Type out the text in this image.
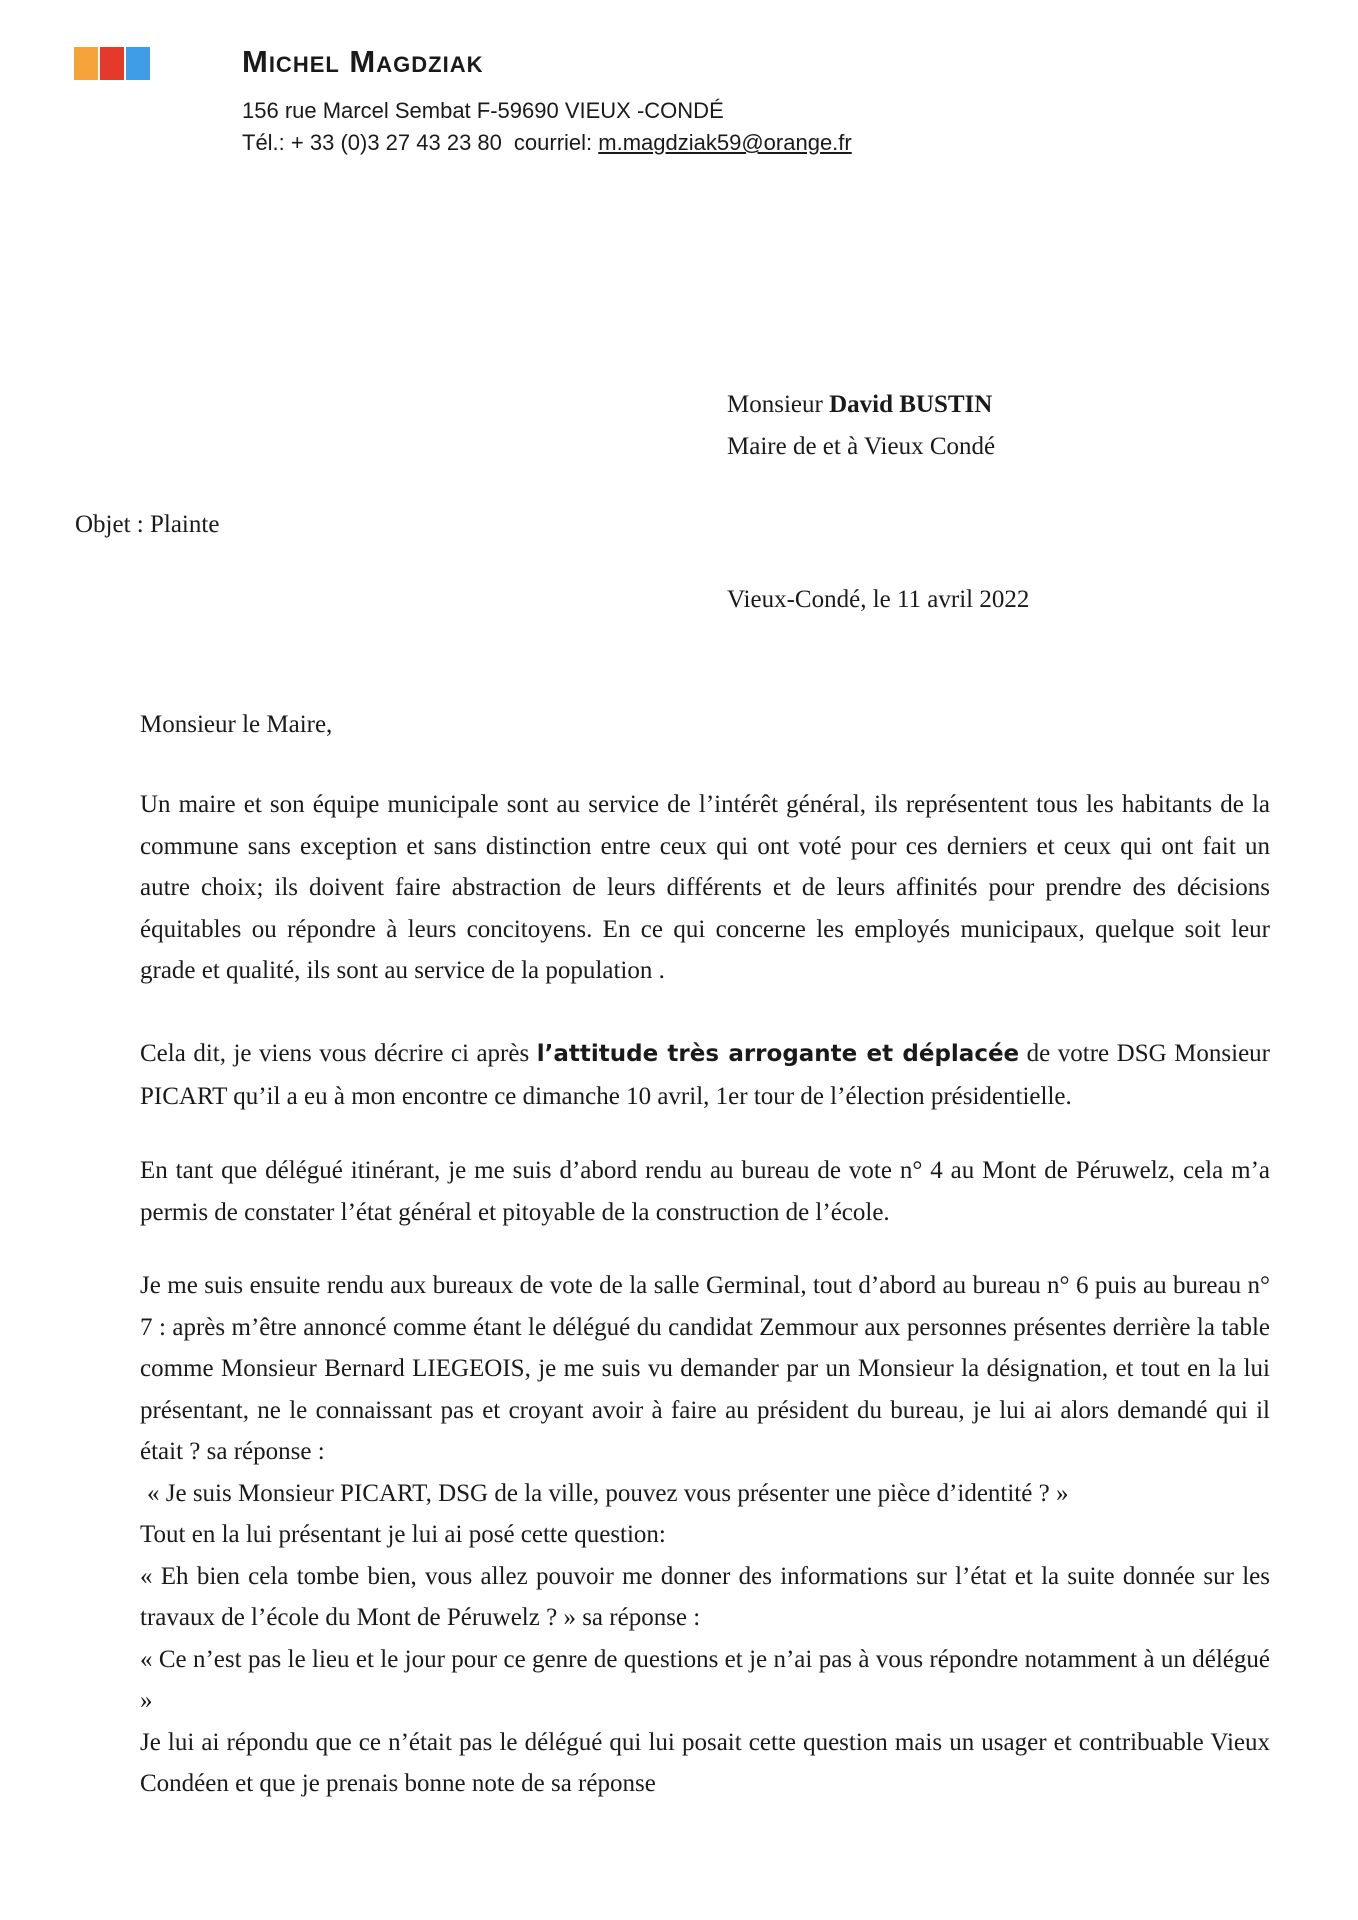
Michel Magdziak

156 rue Marcel Sembat F-59690 VIEUX -CONDÉ

Tél.: + 33 (0)3 27 43 23 80 courriel: m.magdziak59@orange.fr

Monsieur David BUSTIN
Maire de et à Vieux Condé
Objet : Plainte
Vieux-Condé, le 11 avril 2022
Monsieur le Maire,

Un maire et son équipe municipale sont au service de l’intérêt général, ils représentent tous les habitants de la commune sans exception et sans distinction entre ceux qui ont voté pour ces derniers et ceux qui ont fait un autre choix; ils doivent faire abstraction de leurs différents et de leurs affinités pour prendre des décisions équitables ou répondre à leurs concitoyens. En ce qui concerne les employés municipaux, quelque soit leur grade et qualité, ils sont au service de la population .

Cela dit, je viens vous décrire ci après l’attitude très arrogante et déplacée de votre DSG Monsieur PICART qu’il a eu à mon encontre ce dimanche 10 avril, 1er tour de l’élection présidentielle.

En tant que délégué itinérant, je me suis d’abord rendu au bureau de vote n° 4 au Mont de Péruwelz, cela m’a permis de constater l’état général et pitoyable de la construction de l’école.

Je me suis ensuite rendu aux bureaux de vote de la salle Germinal, tout d’abord au bureau n° 6 puis au bureau n° 7 : après m’être annoncé comme étant le délégué du candidat Zemmour aux personnes présentes derrière la table comme Monsieur Bernard LIEGEOIS, je me suis vu demander par un Monsieur la désignation, et tout en la lui présentant, ne le connaissant pas et croyant avoir à faire au président du bureau, je lui ai alors demandé qui il était ? sa réponse :

« Je suis Monsieur PICART, DSG de la ville, pouvez vous présenter une pièce d’identité ? »

Tout en la lui présentant je lui ai posé cette question:

« Eh bien cela tombe bien, vous allez pouvoir me donner des informations sur l’état et la suite donnée sur les travaux de l’école du Mont de Péruwelz ? » sa réponse :

« Ce n’est pas le lieu et le jour pour ce genre de questions et je n’ai pas à vous répondre notamment à un délégué »

Je lui ai répondu que ce n’était pas le délégué qui lui posait cette question mais un usager et contribuable Vieux Condéen et que je prenais bonne note de sa réponse
